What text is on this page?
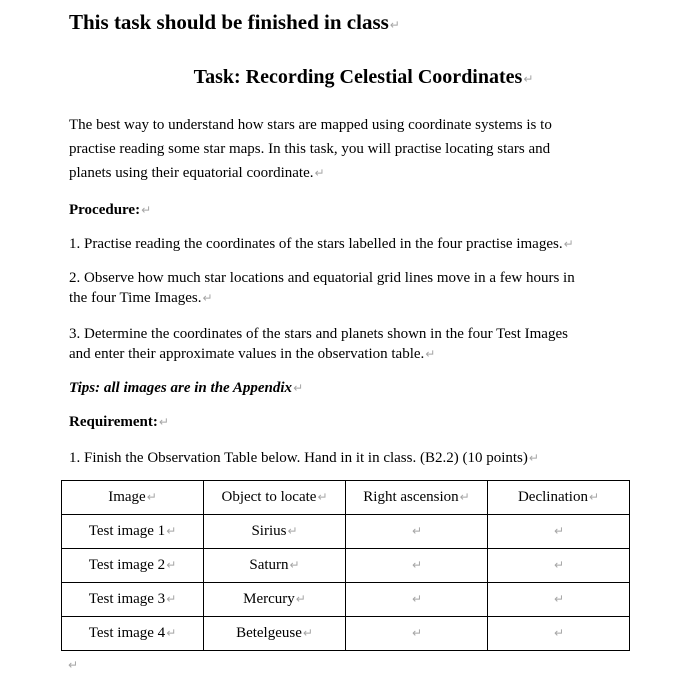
This task should be finished in class↵
Task: Recording Celestial Coordinates↵
The best way to understand how stars are mapped using coordinate systems is to
practise reading some star maps. In this task, you will practise locating stars and
planets using their equatorial coordinate.↵
Procedure:↵
1. Practise reading the coordinates of the stars labelled in the four practise images.↵
2. Observe how much star locations and equatorial grid lines move in a few hours in
the four Time Images.↵
3. Determine the coordinates of the stars and planets shown in the four Test Images
and enter their approximate values in the observation table.↵
Tips: all images are in the Appendix↵
Requirement:↵
1. Finish the Observation Table below. Hand in it in class. (B2.2) (10 points)↵
Image↵	Object to locate↵	Right ascension↵	Declination↵
Test image 1↵	Sirius↵	↵	↵
Test image 2↵	Saturn↵	↵	↵
Test image 3↵	Mercury↵	↵	↵
Test image 4↵	Betelgeuse↵	↵	↵
↵
